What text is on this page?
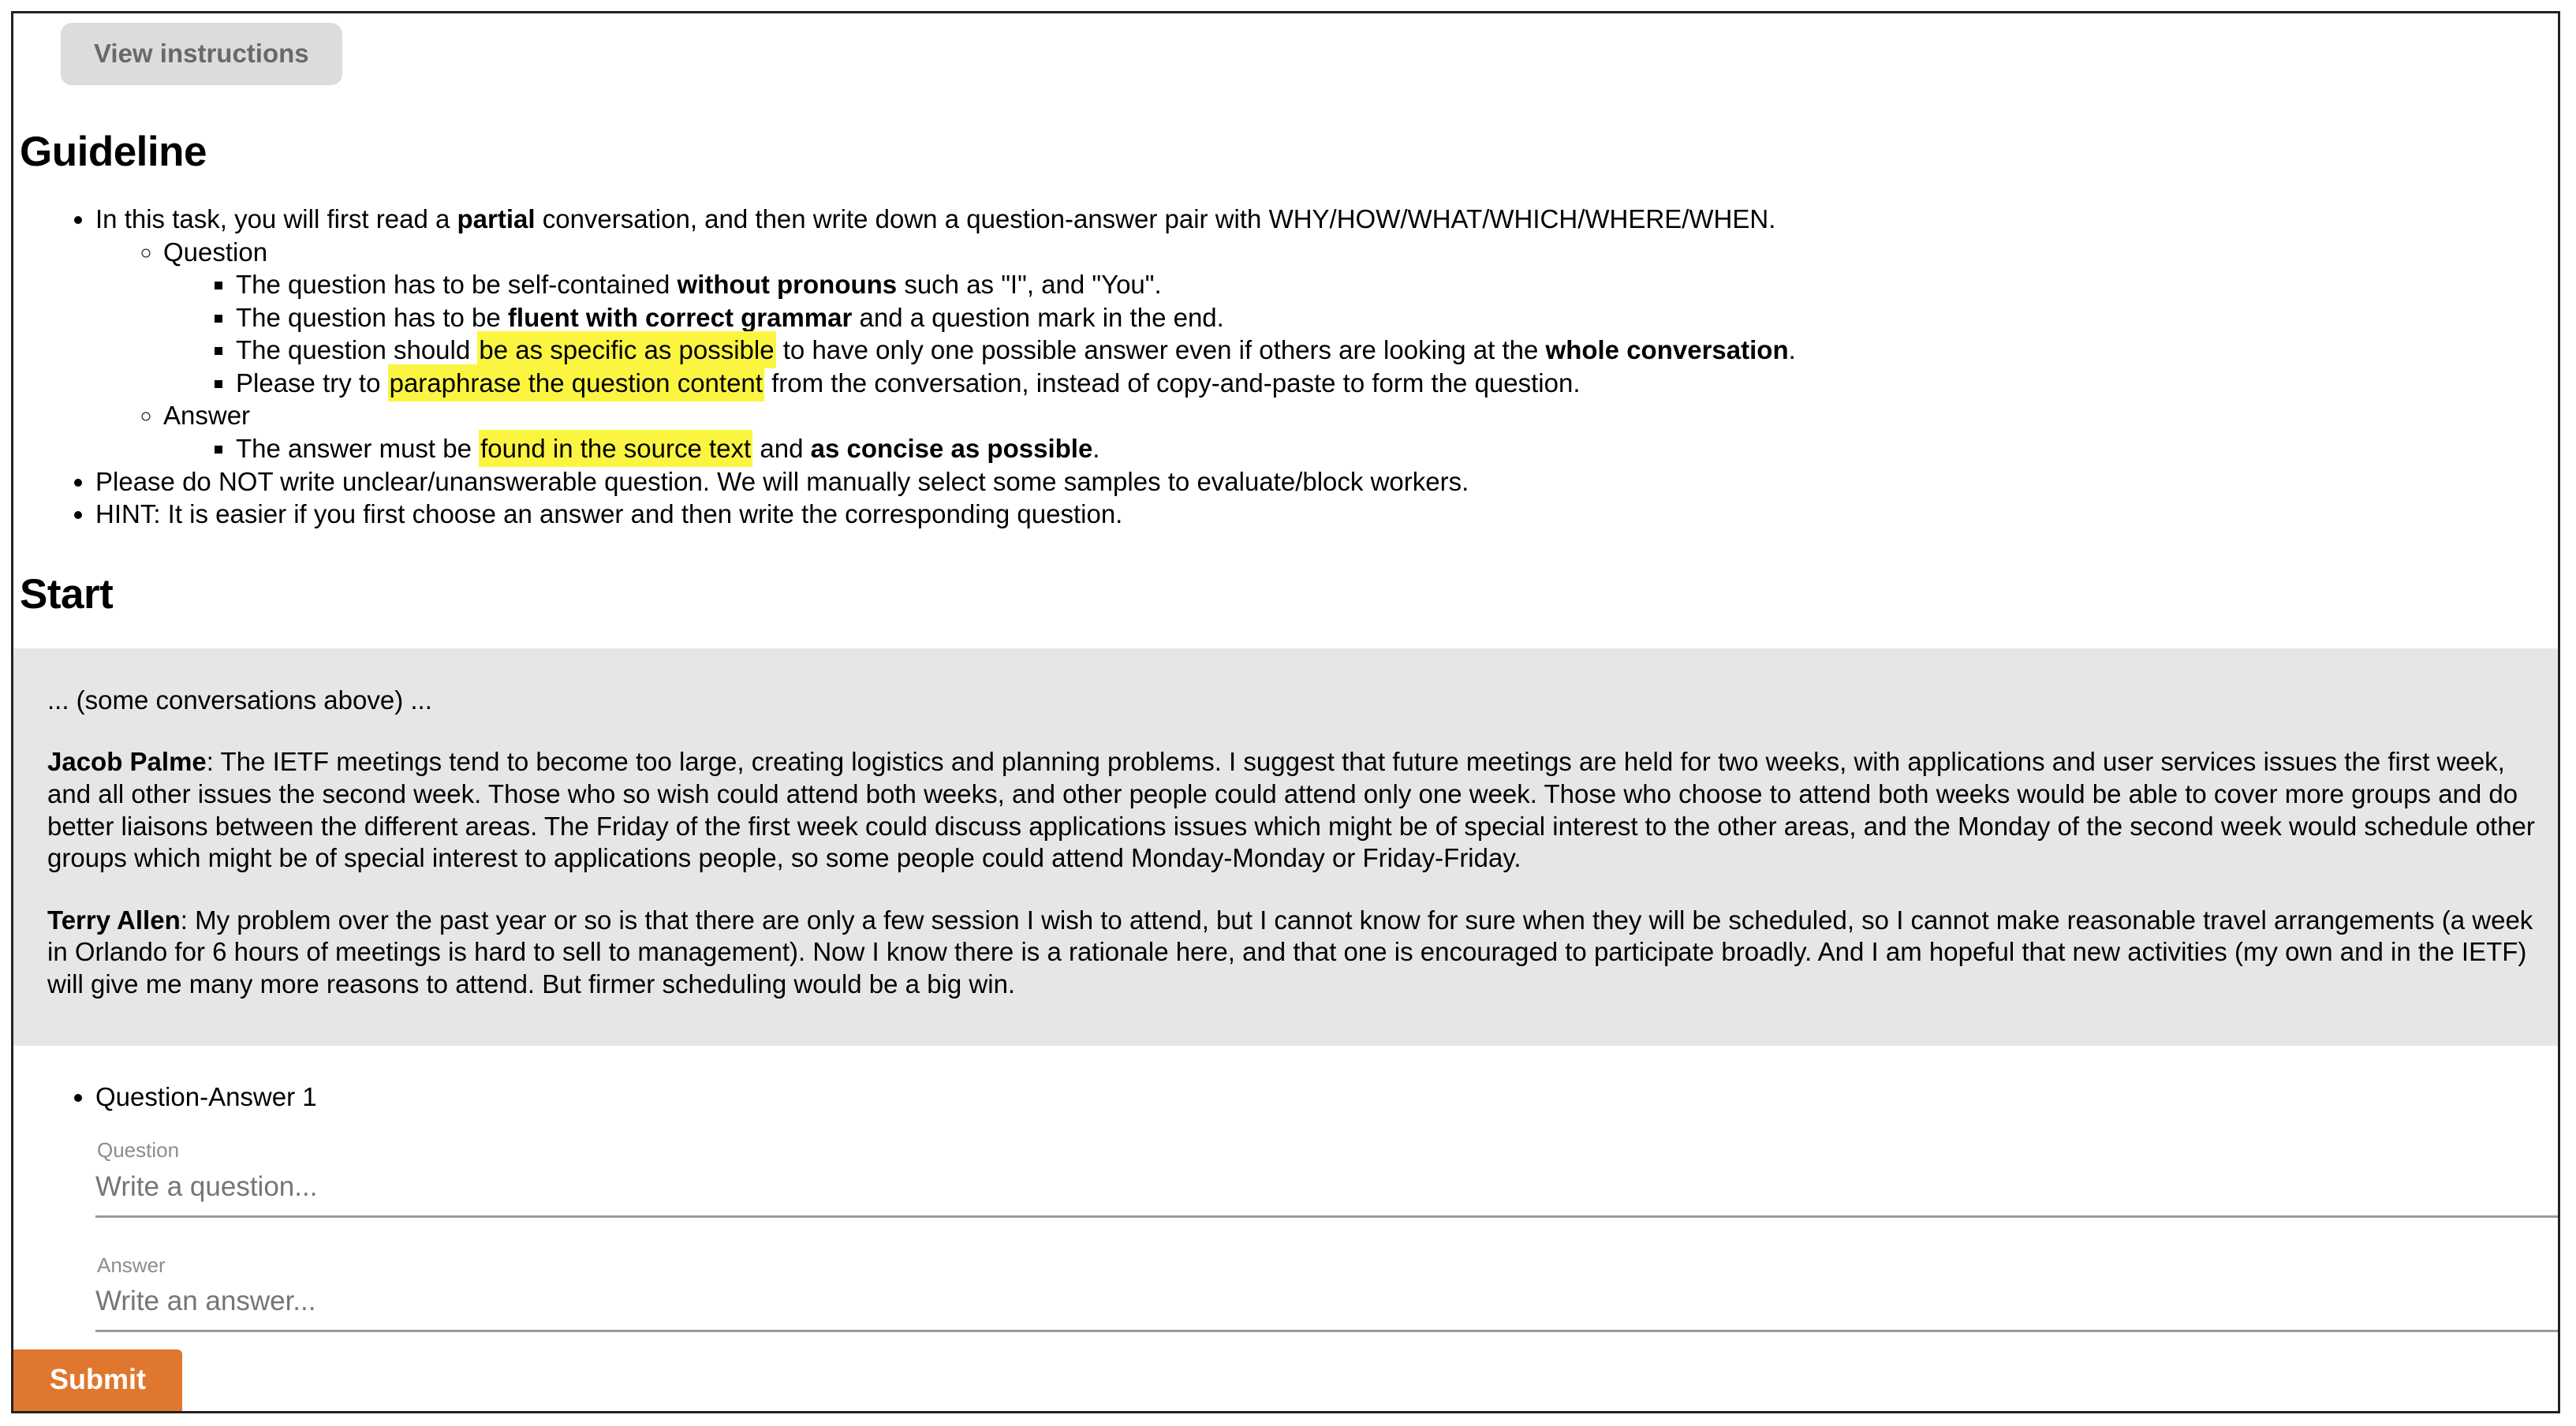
View instructions
Guideline
• In this task, you will first read a partial conversation, and then write down a question-answer pair with WHY/HOW/WHAT/WHICH/WHERE/WHEN.
◦ Question
▪ The question has to be self-contained without pronouns such as "I", and "You".
▪ The question has to be fluent with correct grammar and a question mark in the end.
▪ The question should be as specific as possible to have only one possible answer even if others are looking at the whole conversation.
▪ Please try to paraphrase the question content from the conversation, instead of copy-and-paste to form the question.
◦ Answer
▪ The answer must be found in the source text and as concise as possible.
• Please do NOT write unclear/unanswerable question. We will manually select some samples to evaluate/block workers.
• HINT: It is easier if you first choose an answer and then write the corresponding question.
Start

... (some conversations above) ...

Jacob Palme: The IETF meetings tend to become too large, creating logistics and planning problems. I suggest that future meetings are held for two weeks, with applications and user services issues the first week, and all other issues the second week. Those who so wish could attend both weeks, and other people could attend only one week. Those who choose to attend both weeks would be able to cover more groups and do better liaisons between the different areas. The Friday of the first week could discuss applications issues which might be of special interest to the other areas, and the Monday of the second week would schedule other groups which might be of special interest to applications people, so some people could attend Monday-Monday or Friday-Friday.

Terry Allen: My problem over the past year or so is that there are only a few session I wish to attend, but I cannot know for sure when they will be scheduled, so I cannot make reasonable travel arrangements (a week in Orlando for 6 hours of meetings is hard to sell to management). Now I know there is a rationale here, and that one is encouraged to participate broadly. And I am hopeful that new activities (my own and in the IETF) will give me many more reasons to attend. But firmer scheduling would be a big win.

• Question-Answer 1
Question
Write a question...
Answer
Write an answer...
Submit
